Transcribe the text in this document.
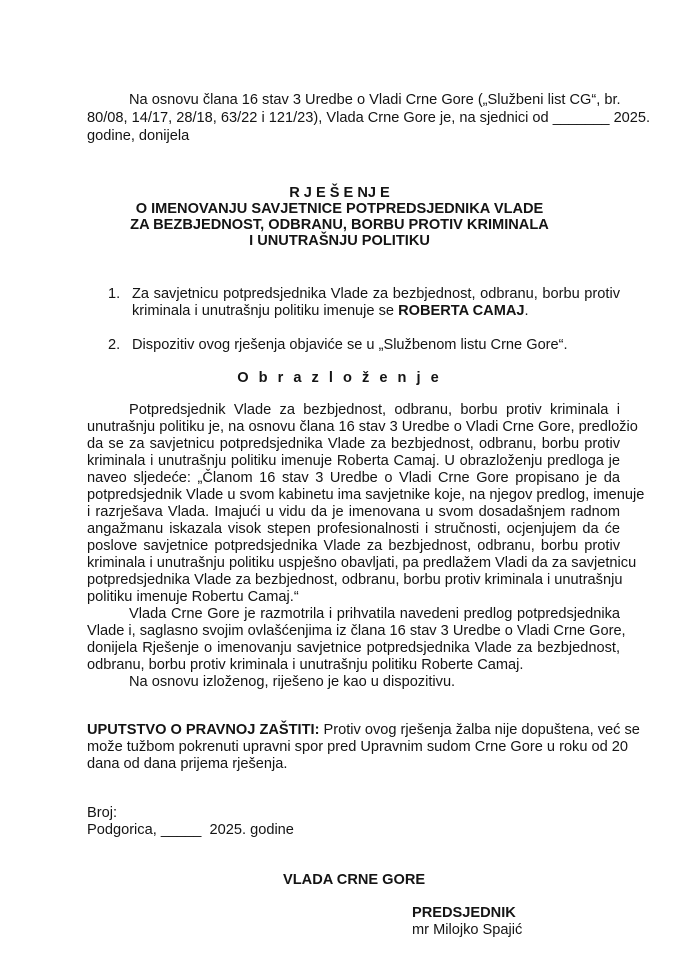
Na osnovu člana 16 stav 3 Uredbe o Vladi Crne Gore („Službeni list CG“, br.
80/08, 14/17, 28/18, 63/22 i 121/23), Vlada Crne Gore je, na sjednici od _______ 2025.
godine, donijela
R J E Š E NJ E
O IMENOVANJU SAVJETNICE POTPREDSJEDNIKA VLADE
ZA BEZBJEDNOST, ODBRANU, BORBU PROTIV KRIMINALA
I UNUTRAŠNJU POLITIKU
1. Za savjetnicu potpredsjednika Vlade za bezbjednost, odbranu, borbu protiv
kriminala i unutrašnju politiku imenuje se ROBERTA CAMAJ.
2. Dispozitiv ovog rješenja objaviće se u „Službenom listu Crne Gore“.
O b r a z l o ž e n j e
Potpredsjednik Vlade za bezbjednost, odbranu, borbu protiv kriminala i
unutrašnju politiku je, na osnovu člana 16 stav 3 Uredbe o Vladi Crne Gore, predložio
da se za savjetnicu potpredsjednika Vlade za bezbjednost, odbranu, borbu protiv
kriminala i unutrašnju politiku imenuje Roberta Camaj. U obrazloženju predloga je
naveo sljedeće: „Članom 16 stav 3 Uredbe o Vladi Crne Gore propisano je da
potpredsjednik Vlade u svom kabinetu ima savjetnike koje, na njegov predlog, imenuje
i razrješava Vlada. Imajući u vidu da je imenovana u svom dosadašnjem radnom
angažmanu iskazala visok stepen profesionalnosti i stručnosti, ocjenjujem da će
poslove savjetnice potpredsjednika Vlade za bezbjednost, odbranu, borbu protiv
kriminala i unutrašnju politiku uspješno obavljati, pa predlažem Vladi da za savjetnicu
potpredsjednika Vlade za bezbjednost, odbranu, borbu protiv kriminala i unutrašnju
politiku imenuje Robertu Camaj.“
Vlada Crne Gore je razmotrila i prihvatila navedeni predlog potpredsjednika
Vlade i, saglasno svojim ovlašćenjima iz člana 16 stav 3 Uredbe o Vladi Crne Gore,
donijela Rješenje o imenovanju savjetnice potpredsjednika Vlade za bezbjednost,
odbranu, borbu protiv kriminala i unutrašnju politiku Roberte Camaj.
Na osnovu izloženog, riješeno je kao u dispozitivu.
UPUTSTVO O PRAVNOJ ZAŠTITI: Protiv ovog rješenja žalba nije dopuštena, već se
može tužbom pokrenuti upravni spor pred Upravnim sudom Crne Gore u roku od 20
dana od dana prijema rješenja.
Broj:
Podgorica, _____  2025. godine
VLADA CRNE GORE
PREDSJEDNIK
mr Milojko Spajić
